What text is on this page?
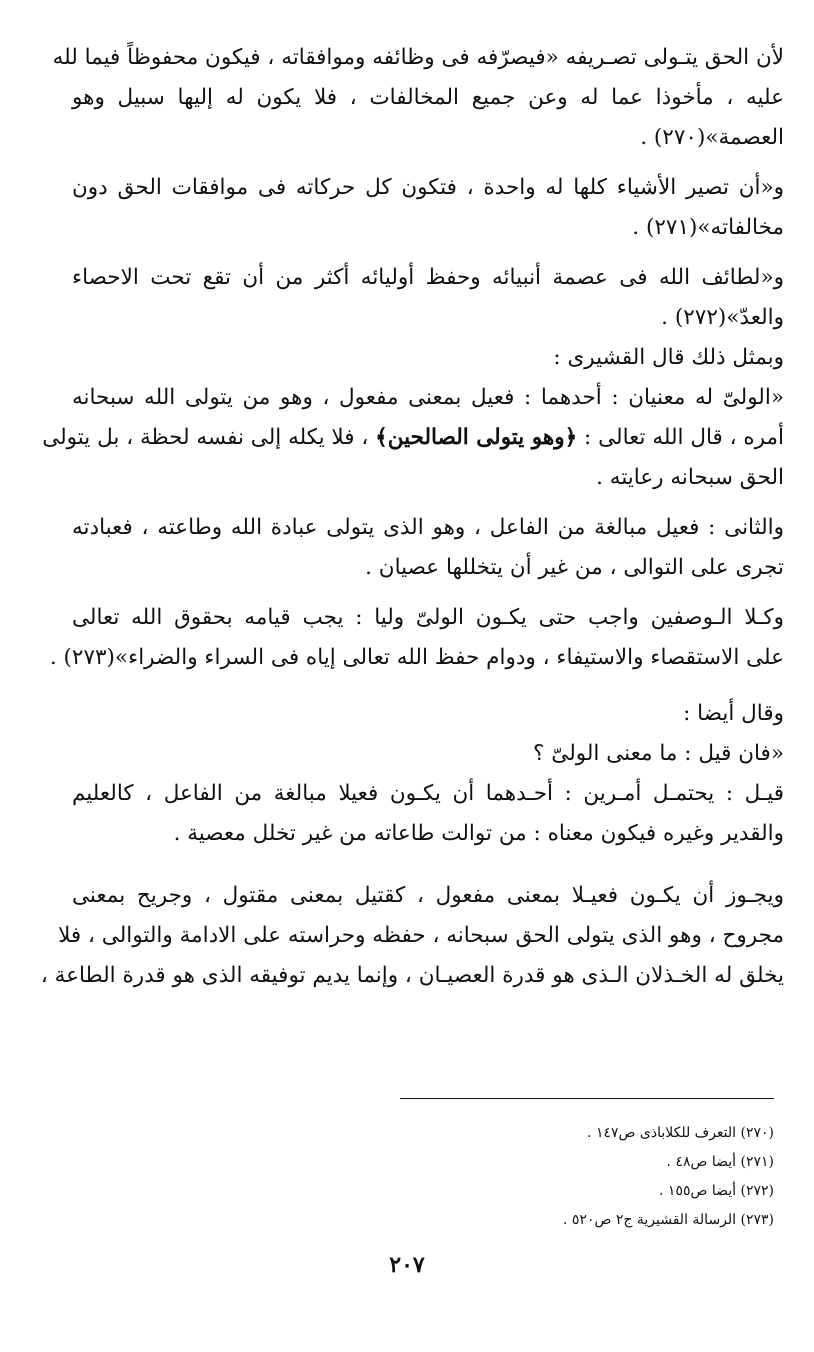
لأن الحق يتـولى تصـريفه «فيصرّفه فى وظائفه وموافقاته ، فيكون محفوظاً فيما لله
عليه ، مأخوذا عما له وعن جميع المخالفات ، فلا يكون له إليها سبيل وهو
العصمة»(٢٧٠) .
و«أن تصير الأشياء كلها له واحدة ، فتكون كل حركاته فى موافقات الحق دون
مخالفاته»(٢٧١) .
و«لطائف الله فى عصمة أنبيائه وحفظ أوليائه أكثر من أن تقع تحت الاحصاء
والعدّ»(٢٧٢) .
وبمثل ذلك قال القشيرى :
«الولىّ له معنيان : أحدهما : فعيل بمعنى مفعول ، وهو من يتولى الله سبحانه
أمره ، قال الله تعالى : ﴿وهو يتولى الصالحين﴾ ، فلا يكله إلى نفسه لحظة ، بل يتولى
الحق سبحانه رعايته .
والثانى : فعيل مبالغة من الفاعل ، وهو الذى يتولى عبادة الله وطاعته ، فعبادته
تجرى على التوالى ، من غير أن يتخللها عصيان .
وكـلا الـوصفين واجب حتى يكـون الولىّ وليا : يجب قيامه بحقوق الله تعالى
على الاستقصاء والاستيفاء ، ودوام حفظ الله تعالى إياه فى السراء والضراء»(٢٧٣) .
وقال أيضا :
«فان قيل : ما معنى الولىّ ؟
قيـل : يحتمـل أمـرين : أحـدهما أن يكـون فعيلا مبالغة من الفاعل ، كالعليم
والقدير وغيره فيكون معناه : من توالت طاعاته من غير تخلل معصية .
ويجـوز أن يكـون فعيـلا بمعنى مفعول ، كقتيل بمعنى مقتول ، وجريح بمعنى
مجروح ، وهو الذى يتولى الحق سبحانه ، حفظه وحراسته على الادامة والتوالى ، فلا
يخلق له الخـذلان الـذى هو قدرة العصيـان ، وإنما يديم توفيقه الذى هو قدرة الطاعة ،
(٢٧٠) التعرف للكلاباذى ص١٤٧ .
(٢٧١) أيضا ص٤٨ .
(٢٧٢) أيضا ص١٥٥ .
(٢٧٣) الرسالة القشيرية ج٢ ص٥٢٠ .
٢٠٧
